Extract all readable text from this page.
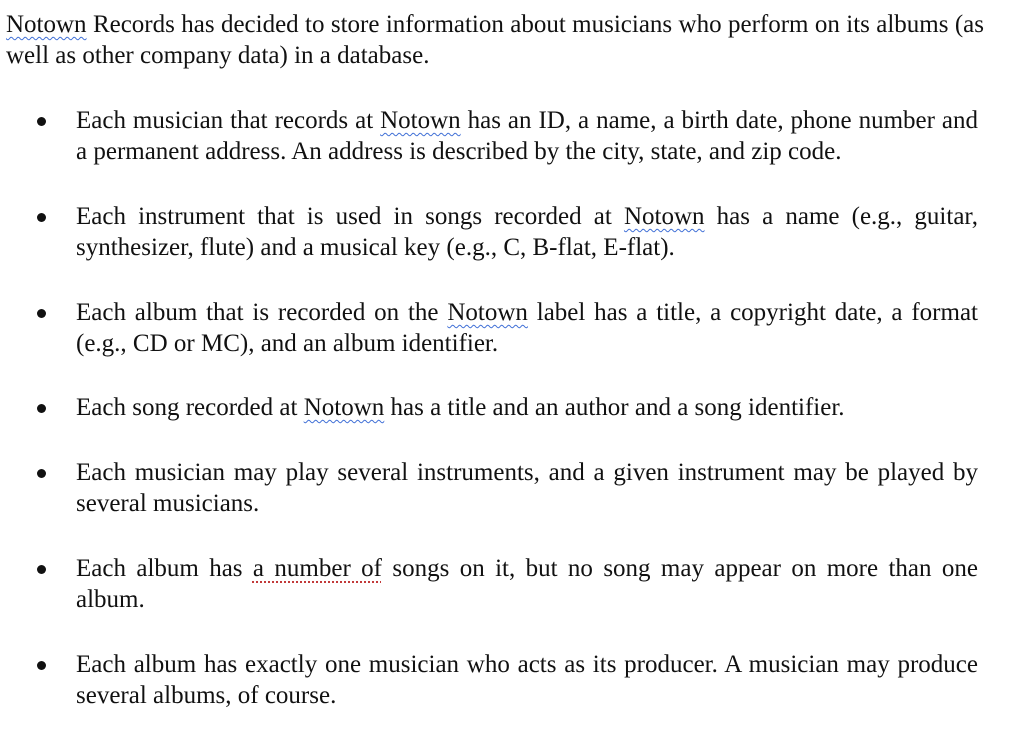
Notown Records has decided to store information about musicians who perform on its albums (as well as other company data) in a database.

Each musician that records at Notown has an ID, a name, a birth date, phone number and a permanent address. An address is described by the city, state, and zip code.

Each instrument that is used in songs recorded at Notown has a name (e.g., guitar, synthesizer, flute) and a musical key (e.g., C, B-flat, E-flat).

Each album that is recorded on the Notown label has a title, a copyright date, a format (e.g., CD or MC), and an album identifier.

Each song recorded at Notown has a title and an author and a song identifier.

Each musician may play several instruments, and a given instrument may be played by several musicians.

Each album has a number of songs on it, but no song may appear on more than one album.

Each album has exactly one musician who acts as its producer. A musician may produce several albums, of course.
